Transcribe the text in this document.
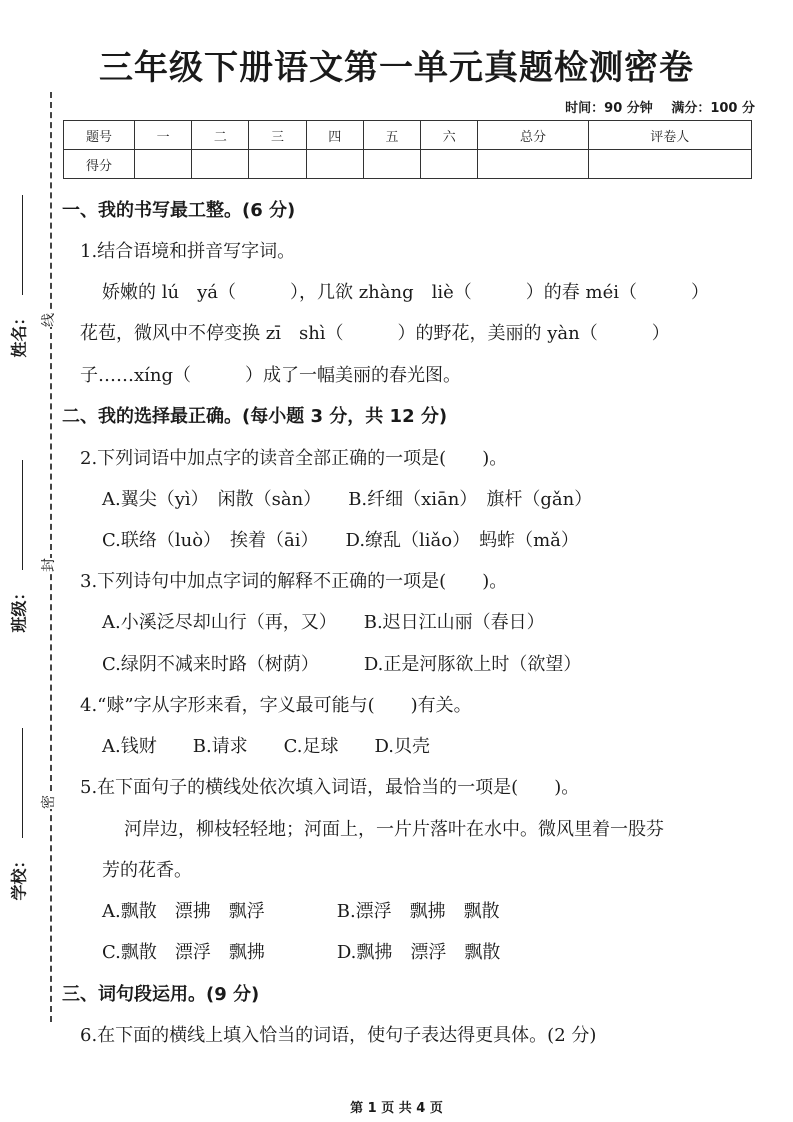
三年级下册语文第一单元真题检测密卷
时间：90 分钟 满分：100 分
题号	一	二	三	四	五	六	总分	评卷人
得分								
线
封
密
姓名：
班级：
学校：
一、我的书写最工整。(6 分)
1.结合语境和拼音写字词。
娇嫩的 lú　yá（　　　），几欲 zhàng　liè（　　　）的春 méi（　　　）
花苞，微风中不停变换 zī　shì（　　　）的野花，美丽的 yàn（　　　）
子……xíng（　　　）成了一幅美丽的春光图。
二、我的选择最正确。(每小题 3 分，共 12 分)
2.下列词语中加点字的读音全部正确的一项是(　　)。
A.翼尖（yì）　闲散（sàn）　　B.纤细（xiān）　旗杆（gǎn）
C.联络（luò）　挨着（āi）　　D.缭乱（liǎo）　蚂蚱（mǎ）
3.下列诗句中加点字词的解释不正确的一项是(　　)。
A.小溪泛尽却山行（再，又）　　B.迟日江山丽（春日）
C.绿阴不减来时路（树荫）　　　D.正是河豚欲上时（欲望）
4.“赇”字从字形来看，字义最可能与(　　)有关。
A.钱财　　B.请求　　C.足球　　D.贝壳
5.在下面句子的横线处依次填入词语，最恰当的一项是(　　)。
河岸边，柳枝轻轻地；河面上，一片片落叶在水中。微风里着一股芬
芳的花香。
A.飘散　漂拂　飘浮　　　　B.漂浮　飘拂　飘散
C.飘散　漂浮　飘拂　　　　D.飘拂　漂浮　飘散
三、词句段运用。(9 分)
6.在下面的横线上填入恰当的词语，使句子表达得更具体。(2 分)
第 1 页 共 4 页
